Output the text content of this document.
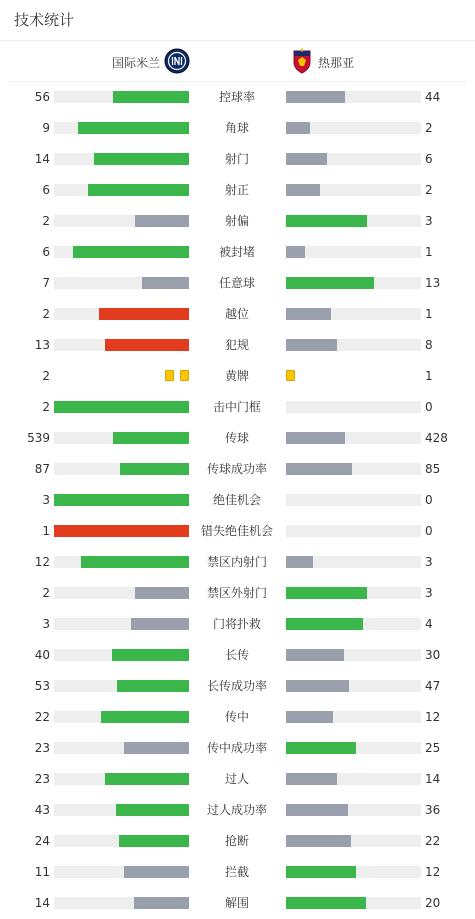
技术统计
国际米兰	热那亚
56	控球率	44
9	角球	2
14	射门	6
6	射正	2
2	射偏	3
6	被封堵	1
7	任意球	13
2	越位	1
13	犯规	8
2	黄牌	1
2	击中门框	0
539	传球	428
87	传球成功率	85
3	绝佳机会	0
1	错失绝佳机会	0
12	禁区内射门	3
2	禁区外射门	3
3	门将扑救	4
40	长传	30
53	长传成功率	47
22	传中	12
23	传中成功率	25
23	过人	14
43	过人成功率	36
24	抢断	22
11	拦截	12
14	解围	20
